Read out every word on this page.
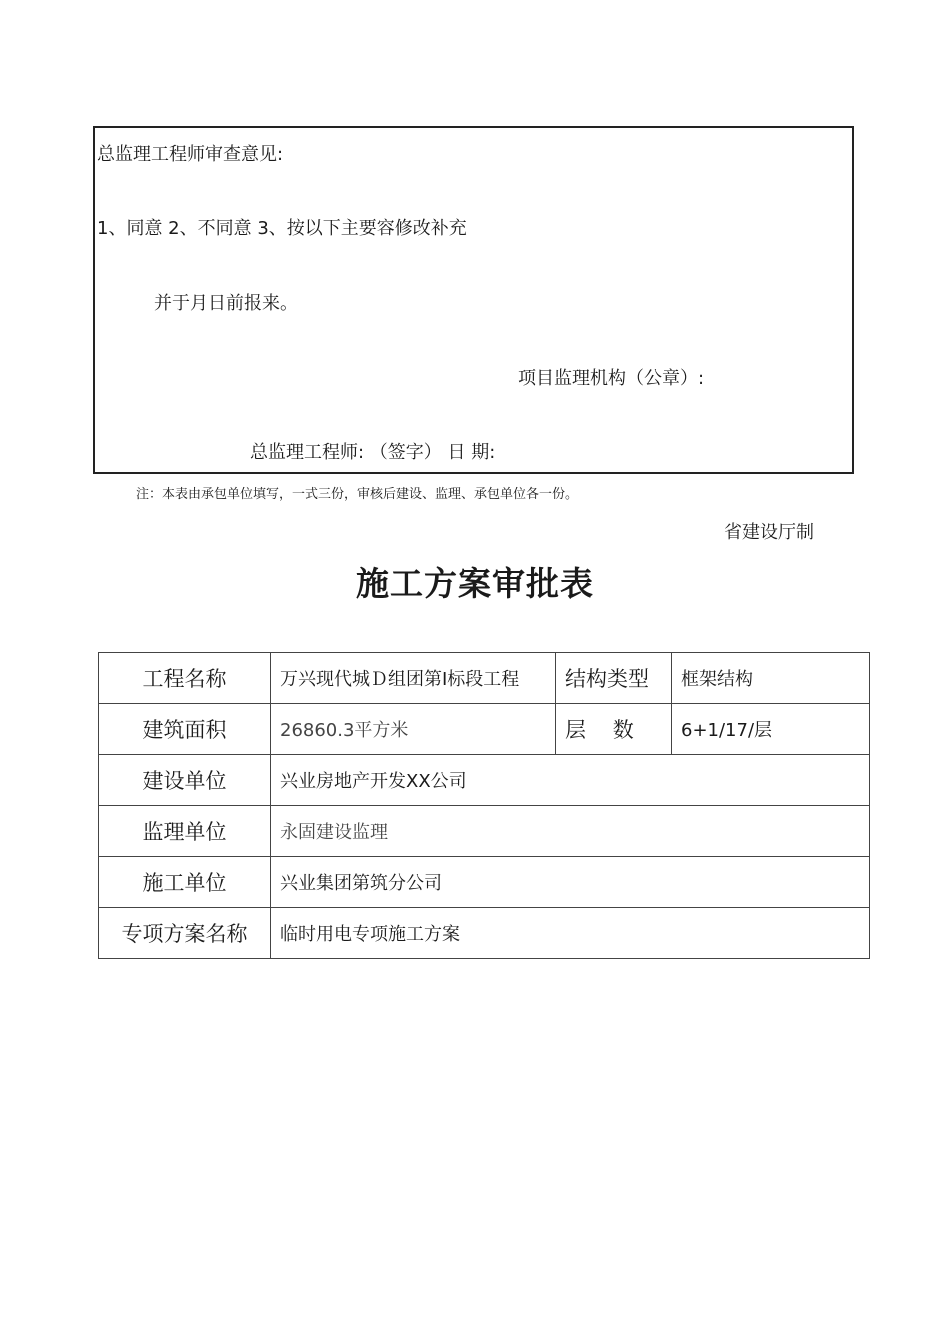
总监理工程师审查意见:
1、同意 2、不同意 3、按以下主要容修改补充
并于月日前报来。
项目监理机构（公章）:
总监理工程师: （签字） 日 期:
注：本表由承包单位填写，一式三份，审核后建设、监理、承包单位各一份。
省建设厅制
施工方案审批表
工程名称	万兴现代城Ｄ组团第Ⅰ标段工程	结构类型	框架结构
建筑面积	26860.3平方米	层    数	6+1/17/层
建设单位	兴业房地产开发XX公司		
监理单位	永固建设监理		
施工单位	兴业集团第筑分公司		
专项方案名称	临时用电专项施工方案		
